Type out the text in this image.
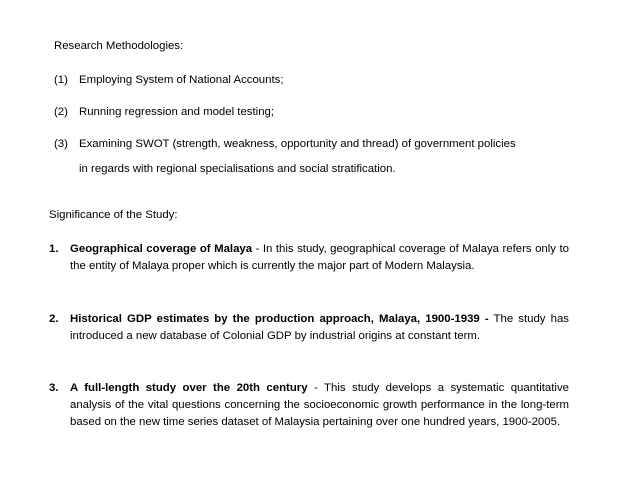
Research Methodologies:
(1) Employing System of National Accounts;
(2) Running regression and model testing;
(3) Examining SWOT (strength, weakness, opportunity and thread) of government policies
in regards with regional specialisations and social stratification.
Significance of the Study:
1. Geographical coverage of Malaya - In this study, geographical coverage of Malaya refers only to the entity of Malaya proper which is currently the major part of Modern Malaysia.
2. Historical GDP estimates by the production approach, Malaya, 1900-1939 - The study has introduced a new database of Colonial GDP by industrial origins at constant term.
3. A full-length study over the 20th century - This study develops a systematic quantitative analysis of the vital questions concerning the socioeconomic growth performance in the long-term based on the new time series dataset of Malaysia pertaining over one hundred years, 1900-2005.
